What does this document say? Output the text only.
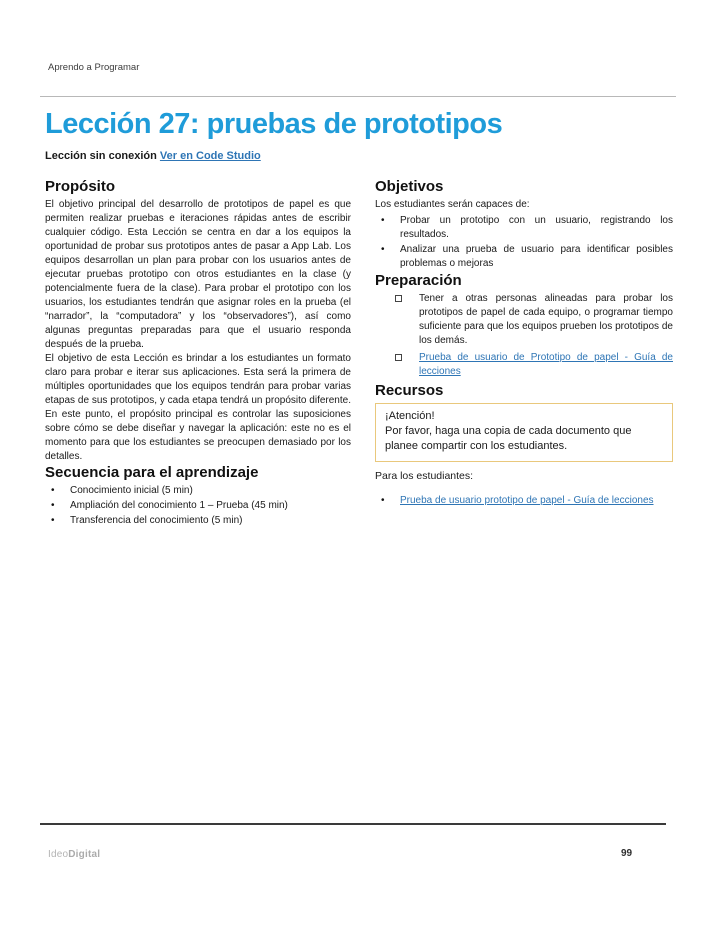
Aprendo a Programar
Lección 27: pruebas de prototipos

Lección sin conexión Ver en Code Studio

Propósito

El objetivo principal del desarrollo de prototipos de papel es que permiten realizar pruebas e iteraciones rápidas antes de escribir cualquier código. Esta Lección se centra en dar a los equipos la oportunidad de probar sus prototipos antes de pasar a App Lab. Los equipos desarrollan un plan para probar con los usuarios antes de ejecutar pruebas prototipo con otros estudiantes en la clase (y potencialmente fuera de la clase). Para probar el prototipo con los usuarios, los estudiantes tendrán que asignar roles en la prueba (el “narrador”, la “computadora” y los “observadores”), así como algunas preguntas preparadas para que el usuario responda después de la prueba.

El objetivo de esta Lección es brindar a los estudiantes un formato claro para probar e iterar sus aplicaciones. Esta será la primera de múltiples oportunidades que los equipos tendrán para probar varias etapas de sus prototipos, y cada etapa tendrá un propósito diferente. En este punto, el propósito principal es controlar las suposiciones sobre cómo se debe diseñar y navegar la aplicación: este no es el momento para que los estudiantes se preocupen demasiado por los detalles.

Secuencia para el aprendizaje
• Conocimiento inicial (5 min)
• Ampliación del conocimiento 1 – Prueba (45 min)
• Transferencia del conocimiento (5 min)
Objetivos

Los estudiantes serán capaces de:

• Probar un prototipo con un usuario, registrando los resultados.
• Analizar una prueba de usuario para identificar posibles problemas o mejoras
Preparación
Tener a otras personas alineadas para probar los prototipos de papel de cada equipo, o programar tiempo suficiente para que los equipos prueben los prototipos de los demás.
Prueba de usuario de Prototipo de papel - Guía de lecciones
Recursos

¡Atención!

Por favor, haga una copia de cada documento que planee compartir con los estudiantes.

Para los estudiantes:

• Prueba de usuario prototipo de papel - Guía de lecciones
IdeoDigital	99
